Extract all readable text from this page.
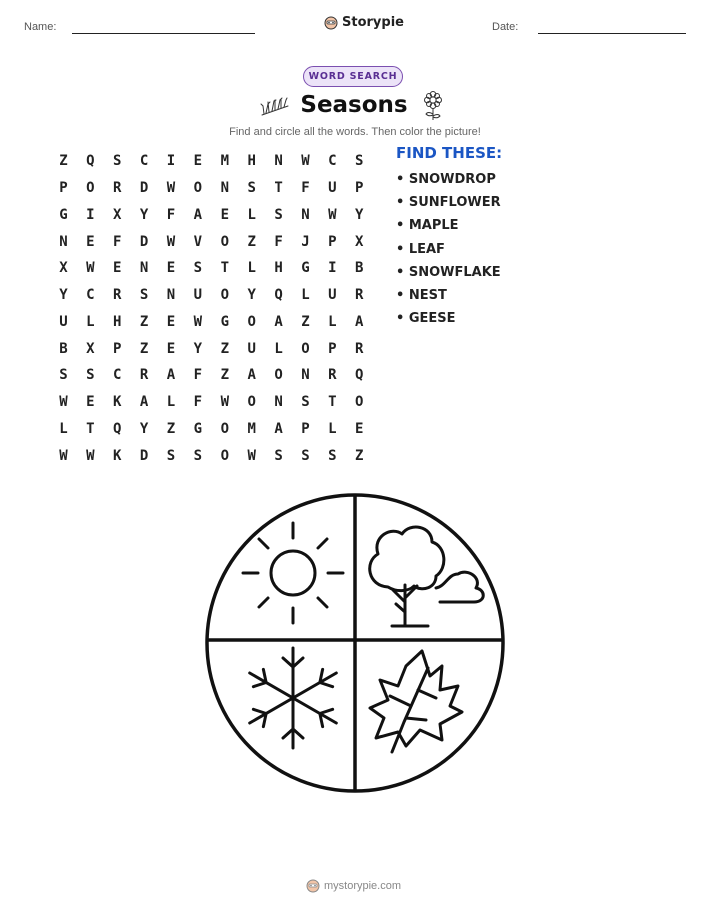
Name:	Storypie	Date:
WORD SEARCH
Seasons
Find and circle all the words. Then color the picture!
Z	Q	S	C	I	E	M	H	N	W	C	S
P	O	R	D	W	O	N	S	T	F	U	P
G	I	X	Y	F	A	E	L	S	N	W	Y
N	E	F	D	W	V	O	Z	F	J	P	X
X	W	E	N	E	S	T	L	H	G	I	B
Y	C	R	S	N	U	O	Y	Q	L	U	R
U	L	H	Z	E	W	G	O	A	Z	L	A
B	X	P	Z	E	Y	Z	U	L	O	P	R
S	S	C	R	A	F	Z	A	O	N	R	Q
W	E	K	A	L	F	W	O	N	S	T	O
L	T	Q	Y	Z	G	O	M	A	P	L	E
W	W	K	D	S	S	O	W	S	S	S	Z
FIND THESE:
• SNOWDROP
• SUNFLOWER
• MAPLE
• LEAF
• SNOWFLAKE
• NEST
• GEESE
mystorypie.com
